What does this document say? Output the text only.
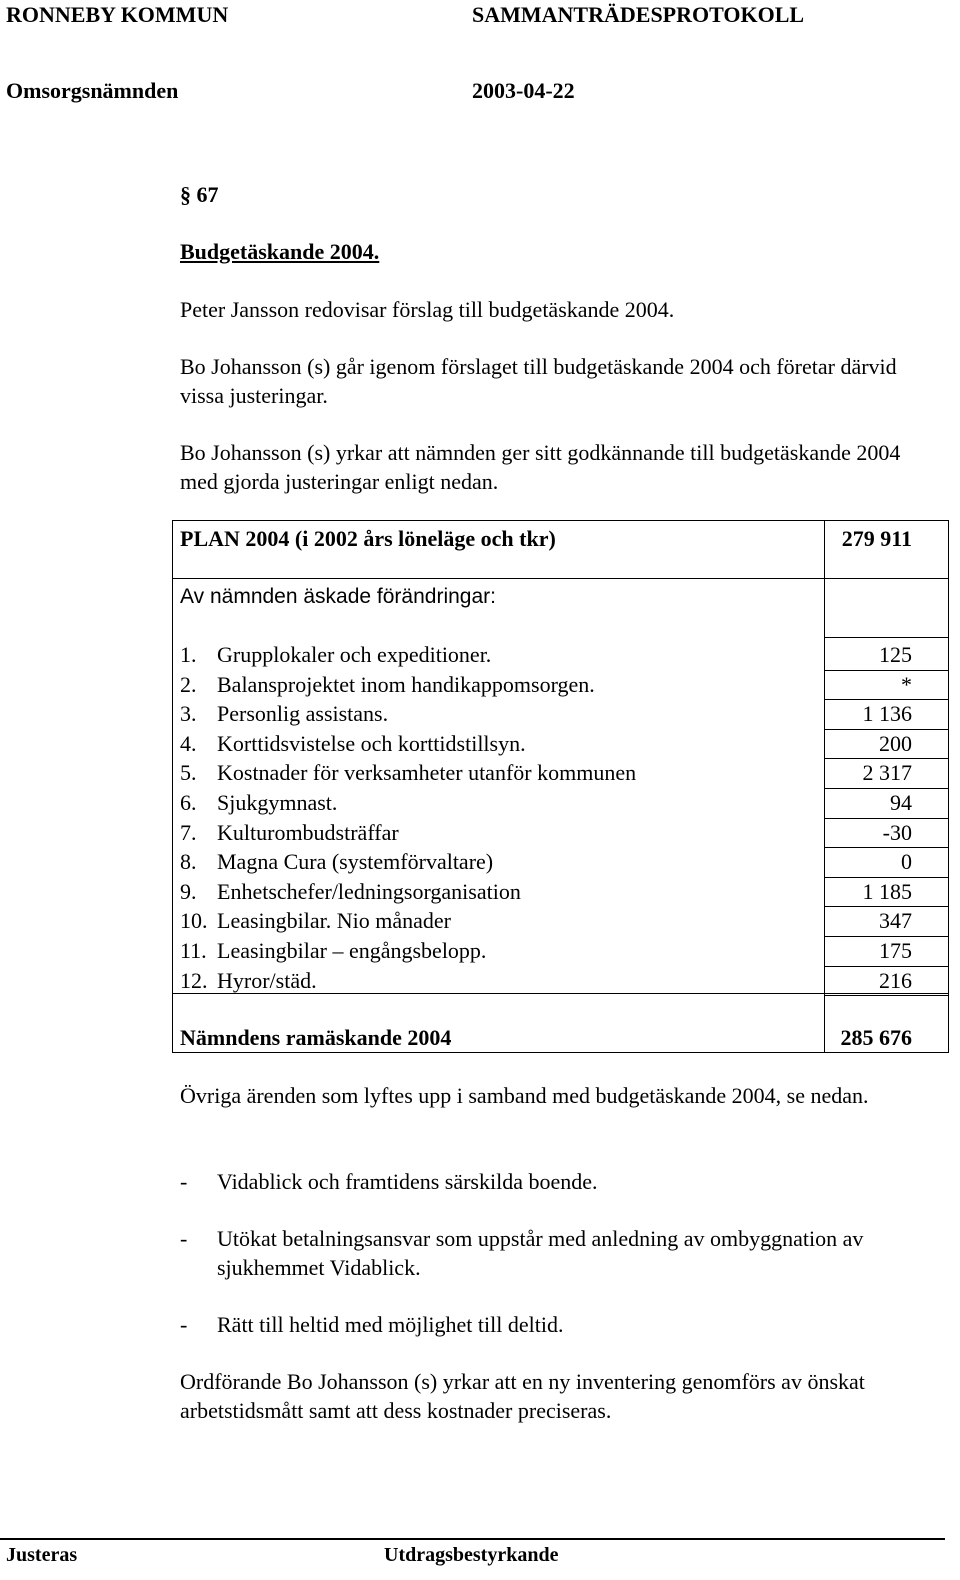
RONNEBY KOMMUN	SAMMANTRÄDESPROTOKOLL
Omsorgsnämnden	2003-04-22
§ 67
Budgetäskande 2004.
Peter Jansson redovisar förslag till budgetäskande 2004.
Bo Johansson (s) går igenom förslaget till budgetäskande 2004 och företar därvid vissa justeringar.
Bo Johansson (s) yrkar att nämnden ger sitt godkännande till budgetäskande 2004 med gjorda justeringar enligt nedan.
PLAN 2004 (i 2002 års löneläge och tkr)	279 911
Av nämnden äskade förändringar:
1. Grupplokaler och expeditioner.	125
2. Balansprojektet inom handikappomsorgen.	*
3. Personlig assistans.	1 136
4. Korttidsvistelse och korttidstillsyn.	200
5. Kostnader för verksamheter utanför kommunen	2 317
6. Sjukgymnast.	94
7. Kulturombudsträffar	-30
8. Magna Cura (systemförvaltare)	0
9. Enhetschefer/ledningsorganisation	1 185
10. Leasingbilar. Nio månader	347
11. Leasingbilar – engångsbelopp.	175
12. Hyror/städ.	216
Nämndens ramäskande 2004	285 676
Övriga ärenden som lyftes upp i samband med budgetäskande 2004, se nedan.
- Vidablick och framtidens särskilda boende.
- Utökat betalningsansvar som uppstår med anledning av ombyggnation av sjukhemmet Vidablick.
- Rätt till heltid med möjlighet till deltid.
Ordförande Bo Johansson (s) yrkar att en ny inventering genomförs av önskat arbetstidsmått samt att dess kostnader preciseras.
Justeras	Utdragsbestyrkande
